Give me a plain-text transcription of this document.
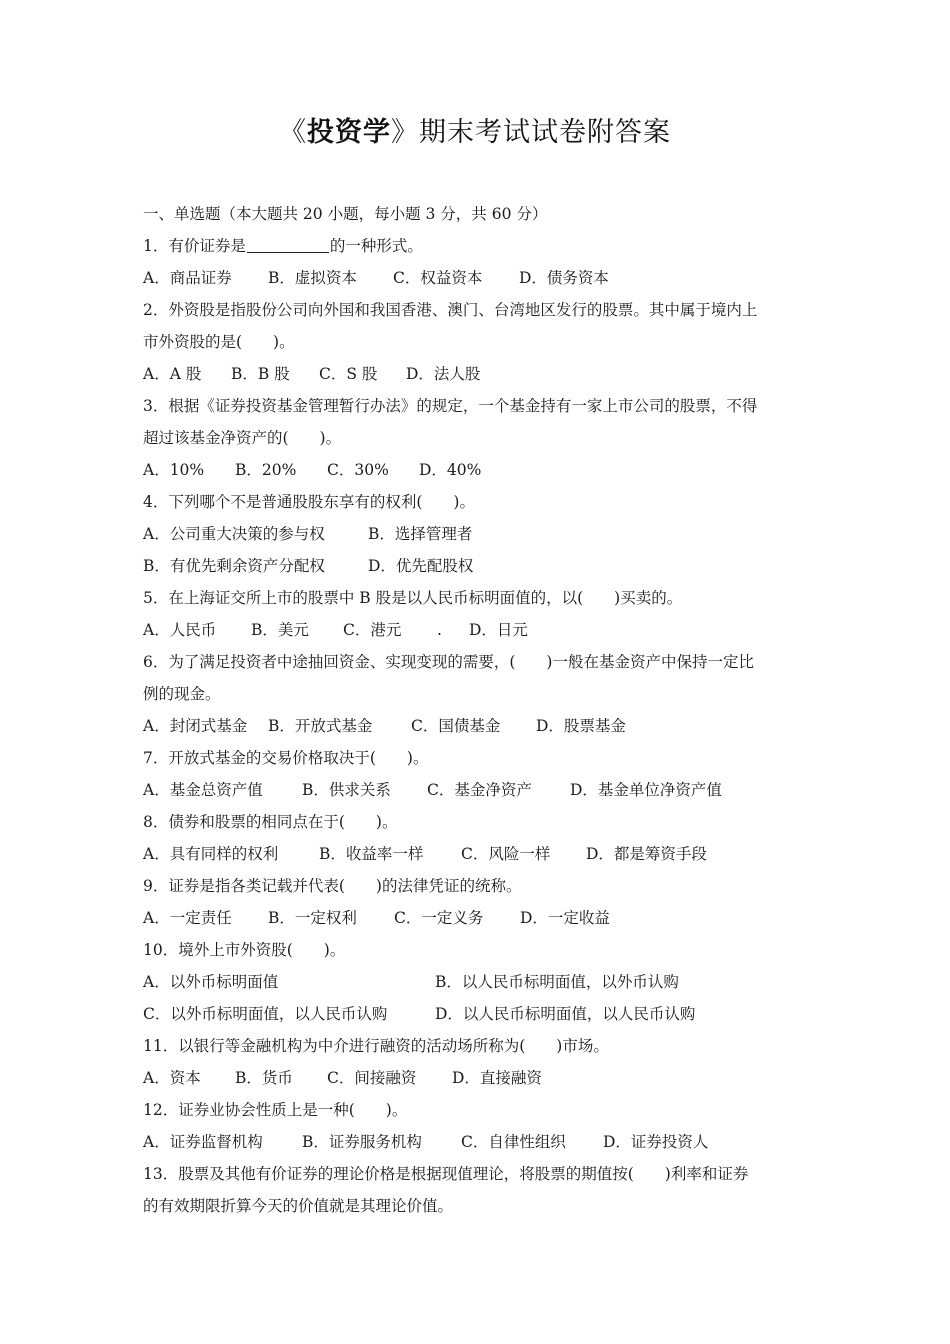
《投资学》期末考试试卷附答案
一、单选题（本大题共 20 小题，每小题 3 分，共 60 分）
1．有价证券是	的一种形式。
A．商品证券 B．虚拟资本 C．权益资本 D．债务资本
2．外资股是指股份公司向外国和我国香港、澳门、台湾地区发行的股票。其中属于境内上
市外资股的是(　　)。
A．A 股 B．B 股 C．S 股 D．法人股
3．根据《证券投资基金管理暂行办法》的规定，一个基金持有一家上市公司的股票，不得
超过该基金净资产的(　　)。
A．10% B．20% C．30% D．40%
4．下列哪个不是普通股股东享有的权利(　　)。
A．公司重大决策的参与权	B．选择管理者
B．有优先剩余资产分配权	D．优先配股权
5．在上海证交所上市的股票中 B 股是以人民币标明面值的，以(　　)买卖的。
A．人民币 B．美元 C．港元 . D．日元
6．为了满足投资者中途抽回资金、实现变现的需要，(　　)一般在基金资产中保持一定比
例的现金。
A．封闭式基金 B．开放式基金 C．国债基金 D．股票基金
7．开放式基金的交易价格取决于(　　)。
A．基金总资产值	B．供求关系 C．基金净资产 D．基金单位净资产值
8．债券和股票的相同点在于(　　)。
A．具有同样的权利	B．收益率一样 C．风险一样 D．都是筹资手段
9．证券是指各类记载并代表(　　)的法律凭证的统称。
A．一定责任 B．一定权利 C．一定义务 D．一定收益
10．境外上市外资股(　　)。
A．以外币标明面值	B．以人民币标明面值，以外币认购
C．以外币标明面值，以人民币认购	D．以人民币标明面值，以人民币认购
11．以银行等金融机构为中介进行融资的活动场所称为(　　)市场。
A．资本 B．货币 C．间接融资 D．直接融资
12．证券业协会性质上是一种(　　)。
A．证券监督机构	B．证券服务机构	C．自律性组织 D．证券投资人
13．股票及其他有价证券的理论价格是根据现值理论，将股票的期值按(　　)利率和证券
的有效期限折算今天的价值就是其理论价值。
